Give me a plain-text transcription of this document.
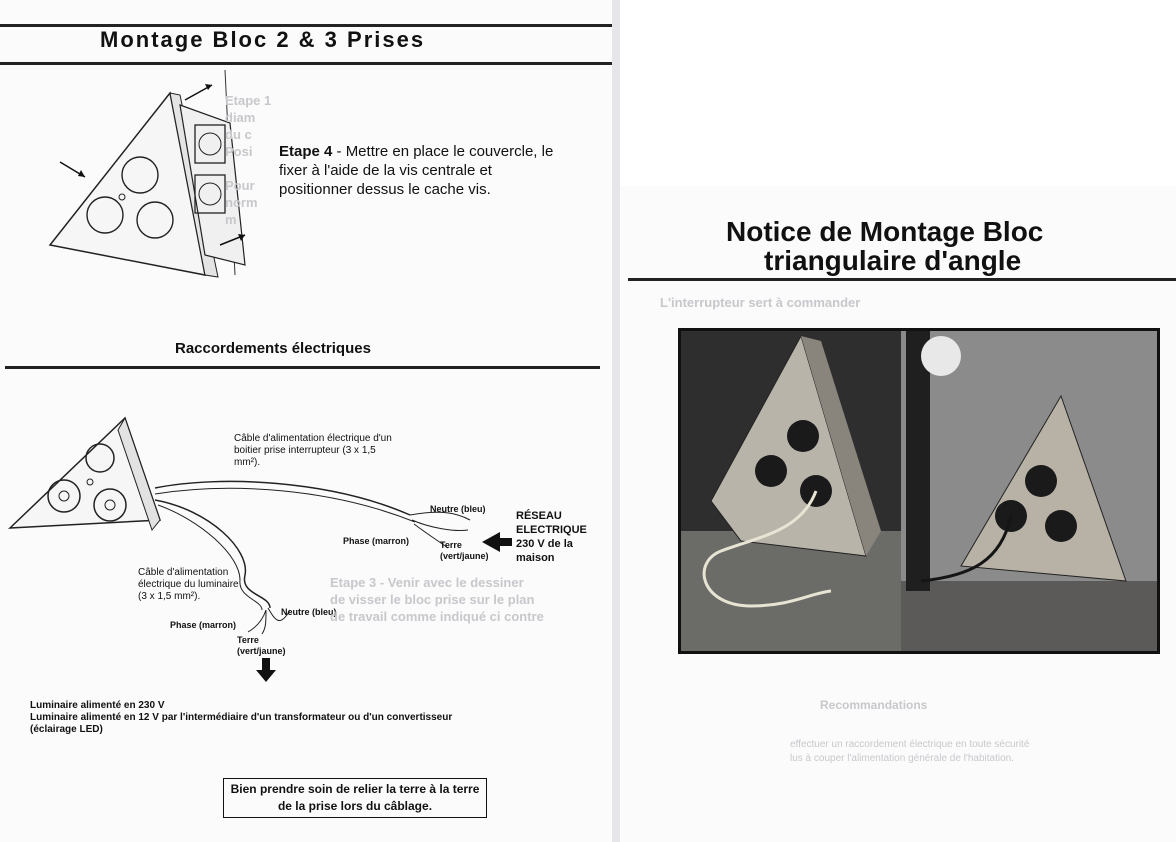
Montage Bloc 2 & 3 Prises
Etape 1
diam
du c
Posi

Pour
norm
m
Etape 4 - Mettre en place le couvercle, le fixer à l'aide de la vis centrale et positionner dessus le cache vis.
Raccordements électriques
Câble d'alimentation électrique d'un boitier prise interrupteur (3 x 1,5 mm²).
Neutre (bleu)
Phase (marron)	Terre (vert/jaune)
RÉSEAU ELECTRIQUE 230 V de la maison
Câble d'alimentation électrique du luminaire (3 x 1,5 mm²).
Neutre (bleu)
Phase (marron)
Terre (vert/jaune)
Etape 3 - Venir avec le dessiner
de visser le bloc prise sur le plan
de travail comme indiqué ci contre
Luminaire alimenté en 230 V
Luminaire alimenté en 12 V par l'intermédiaire d'un transformateur ou d'un convertisseur (éclairage LED)
Bien prendre soin de relier la terre à la terre de la prise lors du câblage.
Notice de Montage Bloc
triangulaire d'angle
L'interrupteur sert à commander
Recommandations
effectuer un raccordement électrique en toute sécurité
lus à couper l'alimentation générale de l'habitation.
